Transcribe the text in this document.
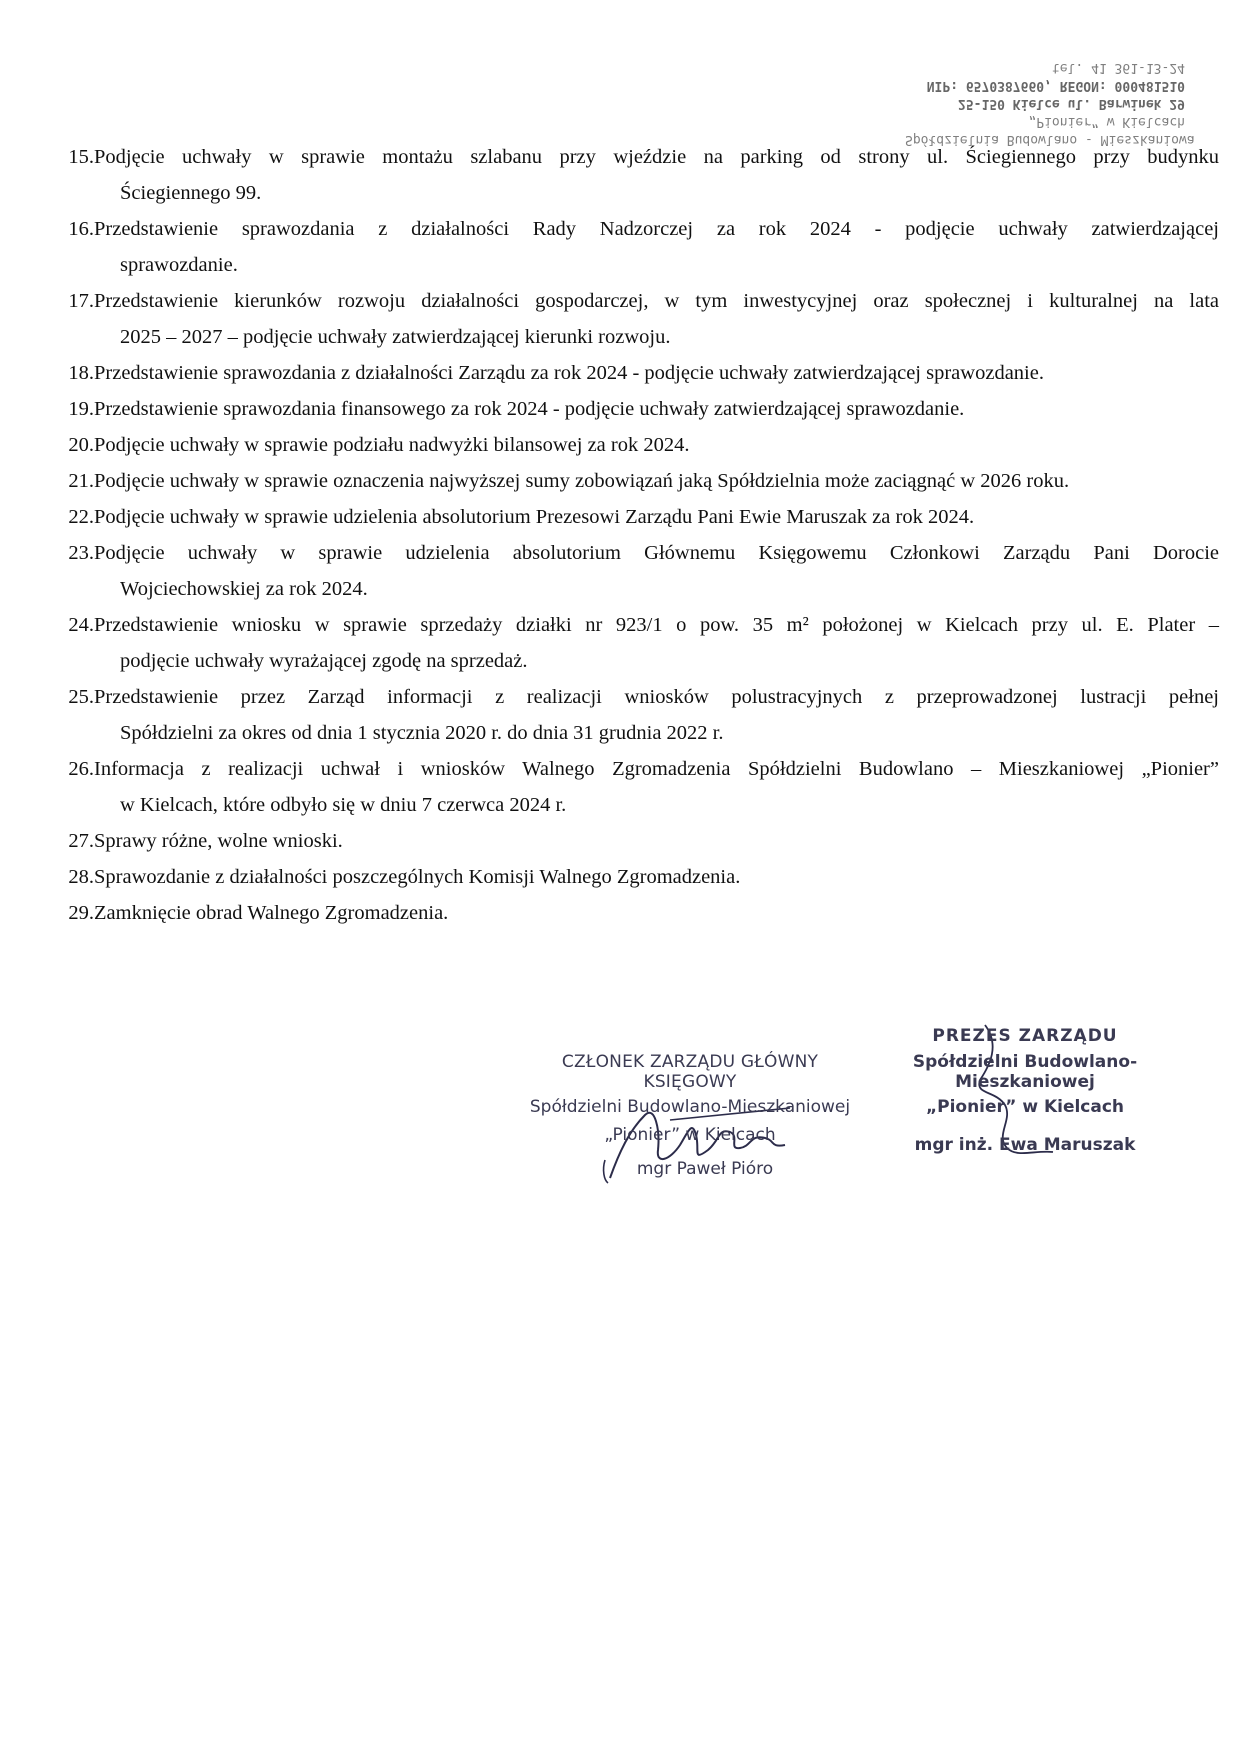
Spółdzielnia Budowlano - Mieszkaniowa
„Pionier” w Kielcach
25-150 Kielce ul. Barwinek 29
NIP: 6570387660, REGON: 000481510
tel. 41 361-13-24
15. Podjęcie uchwały w sprawie montażu szlabanu przy wjeździe na parking od strony ul. Ściegiennego przy budynku
Ściegiennego 99.
16. Przedstawienie sprawozdania z działalności Rady Nadzorczej za rok 2024 - podjęcie uchwały zatwierdzającej
sprawozdanie.
17. Przedstawienie kierunków rozwoju działalności gospodarczej, w tym inwestycyjnej oraz społecznej i kulturalnej na lata
2025 – 2027 – podjęcie uchwały zatwierdzającej kierunki rozwoju.
18. Przedstawienie sprawozdania z działalności Zarządu za rok 2024 - podjęcie uchwały zatwierdzającej sprawozdanie.
19. Przedstawienie sprawozdania finansowego za rok 2024 - podjęcie uchwały zatwierdzającej sprawozdanie.
20. Podjęcie uchwały w sprawie podziału nadwyżki bilansowej za rok 2024.
21. Podjęcie uchwały w sprawie oznaczenia najwyższej sumy zobowiązań jaką Spółdzielnia może zaciągnąć w 2026 roku.
22. Podjęcie uchwały w sprawie udzielenia absolutorium Prezesowi Zarządu Pani Ewie Maruszak za rok 2024.
23. Podjęcie uchwały w sprawie udzielenia absolutorium Głównemu Księgowemu Członkowi Zarządu Pani Dorocie
Wojciechowskiej za rok 2024.
24. Przedstawienie wniosku w sprawie sprzedaży działki nr 923/1 o pow. 35 m² położonej w Kielcach przy ul. E. Plater –
podjęcie uchwały wyrażającej zgodę na sprzedaż.
25. Przedstawienie przez Zarząd informacji z realizacji wniosków polustracyjnych z przeprowadzonej lustracji pełnej
Spółdzielni za okres od dnia 1 stycznia 2020 r. do dnia 31 grudnia 2022 r.
26. Informacja z realizacji uchwał i wniosków Walnego Zgromadzenia Spółdzielni Budowlano – Mieszkaniowej „Pionier”
w Kielcach, które odbyło się w dniu 7 czerwca 2024 r.
27. Sprawy różne, wolne wnioski.
28. Sprawozdanie z działalności poszczególnych Komisji Walnego Zgromadzenia.
29. Zamknięcie obrad Walnego Zgromadzenia.
CZŁONEK ZARZĄDU GŁÓWNY KSIĘGOWY
Spółdzielni Budowlano-Mieszkaniowej
„Pionier” w Kielcach
mgr Paweł Pióro
PREZES ZARZĄDU
Spółdzielni Budowlano-Mieszkaniowej
„Pionier” w Kielcach
mgr inż. Ewa Maruszak
